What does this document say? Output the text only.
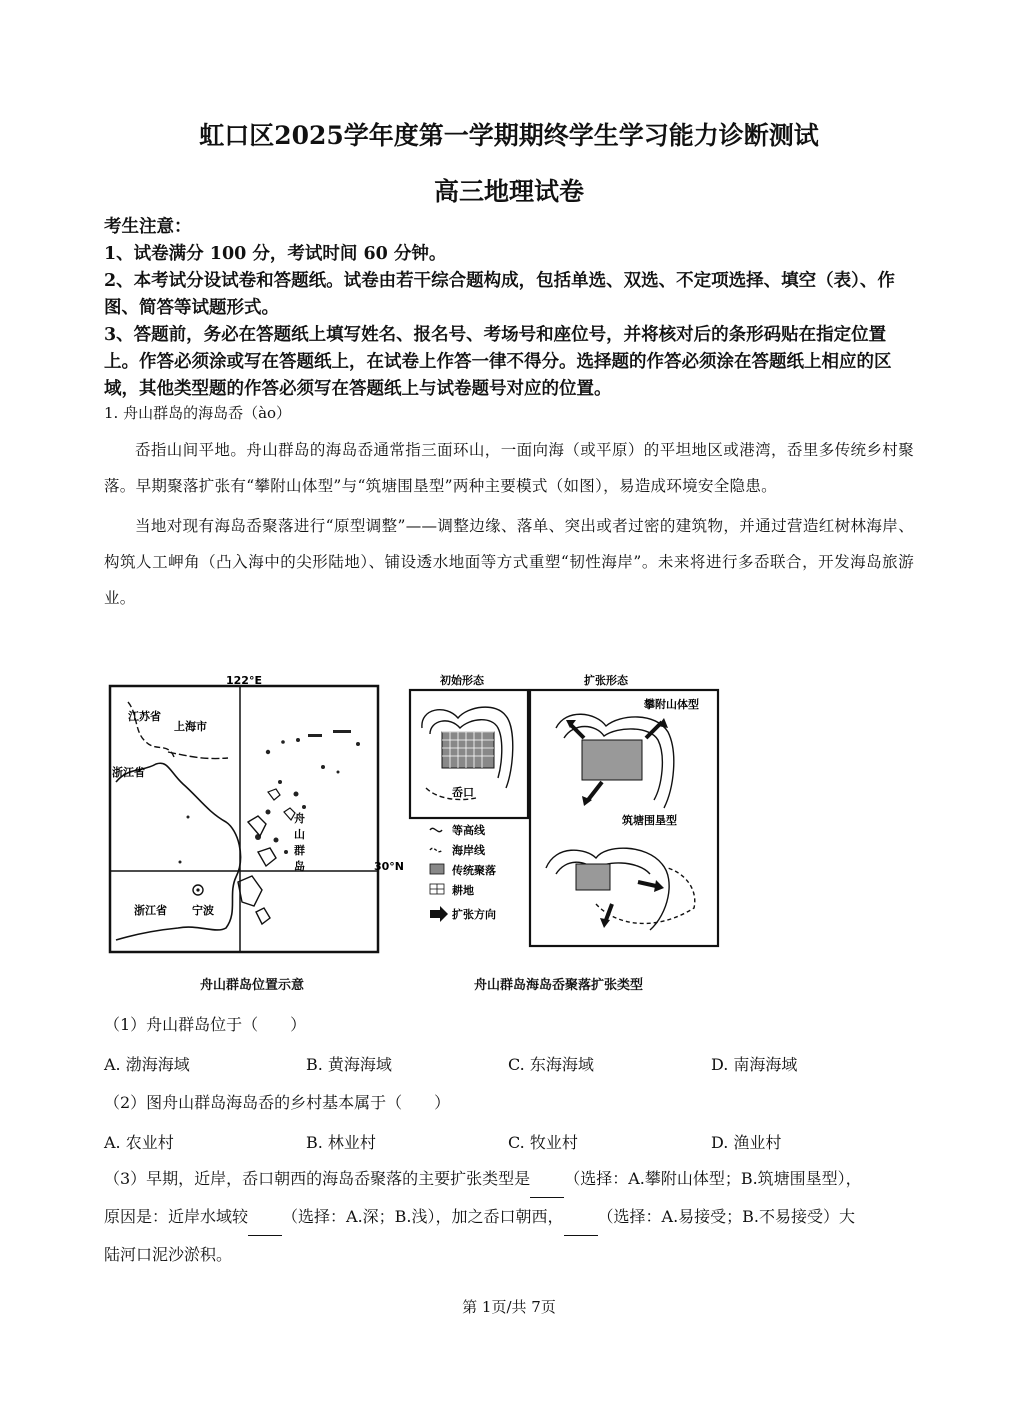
虹口区2025学年度第一学期期终学生学习能力诊断测试
高三地理试卷
考生注意：
1、试卷满分 100 分，考试时间 60 分钟。
2、本考试分设试卷和答题纸。试卷由若干综合题构成，包括单选、双选、不定项选择、填空（表）、作图、简答等试题形式。
3、答题前，务必在答题纸上填写姓名、报名号、考场号和座位号，并将核对后的条形码贴在指定位置上。作答必须涂或写在答题纸上，在试卷上作答一律不得分。选择题的作答必须涂在答题纸上相应的区域，其他类型题的作答必须写在答题纸上与试卷题号对应的位置。
1. 舟山群岛的海岛岙（ào）

岙指山间平地。舟山群岛的海岛岙通常指三面环山，一面向海（或平原）的平坦地区或港湾，岙里多传统乡村聚落。早期聚落扩张有“攀附山体型”与“筑塘围垦型”两种主要模式（如图），易造成环境安全隐患。

当地对现有海岛岙聚落进行“原型调整”——调整边缘、落单、突出或者过密的建筑物，并通过营造红树林海岸、构筑人工岬角（凸入海中的尖形陆地）、铺设透水地面等方式重塑“韧性海岸”。未来将进行多岙联合，开发海岛旅游业。

122°E
30°N
江苏省
上海市
浙江省
浙江省 宁波
舟
山
群
岛
舟山群岛位置示意
初始形态
岙口
扩张形态
攀附山体型
筑塘围垦型
等高线
海岸线
传统聚落
耕地
扩张方向
舟山群岛海岛岙聚落扩张类型
（1）舟山群岛位于（　　）
A. 渤海海域	B. 黄海海域	C. 东海海域	D. 南海海域
（2）图舟山群岛海岛岙的乡村基本属于（　　）
A. 农业村	B. 林业村	C. 牧业村	D. 渔业村
（3）早期，近岸，岙口朝西的海岛岙聚落的主要扩张类型是 （选择：A.攀附山体型；B.筑塘围垦型），
原因是：近岸水域较 （选择：A.深；B.浅），加之岙口朝西， （选择：A.易接受；B.不易接受）大
陆河口泥沙淤积。
第 1页/共 7页
